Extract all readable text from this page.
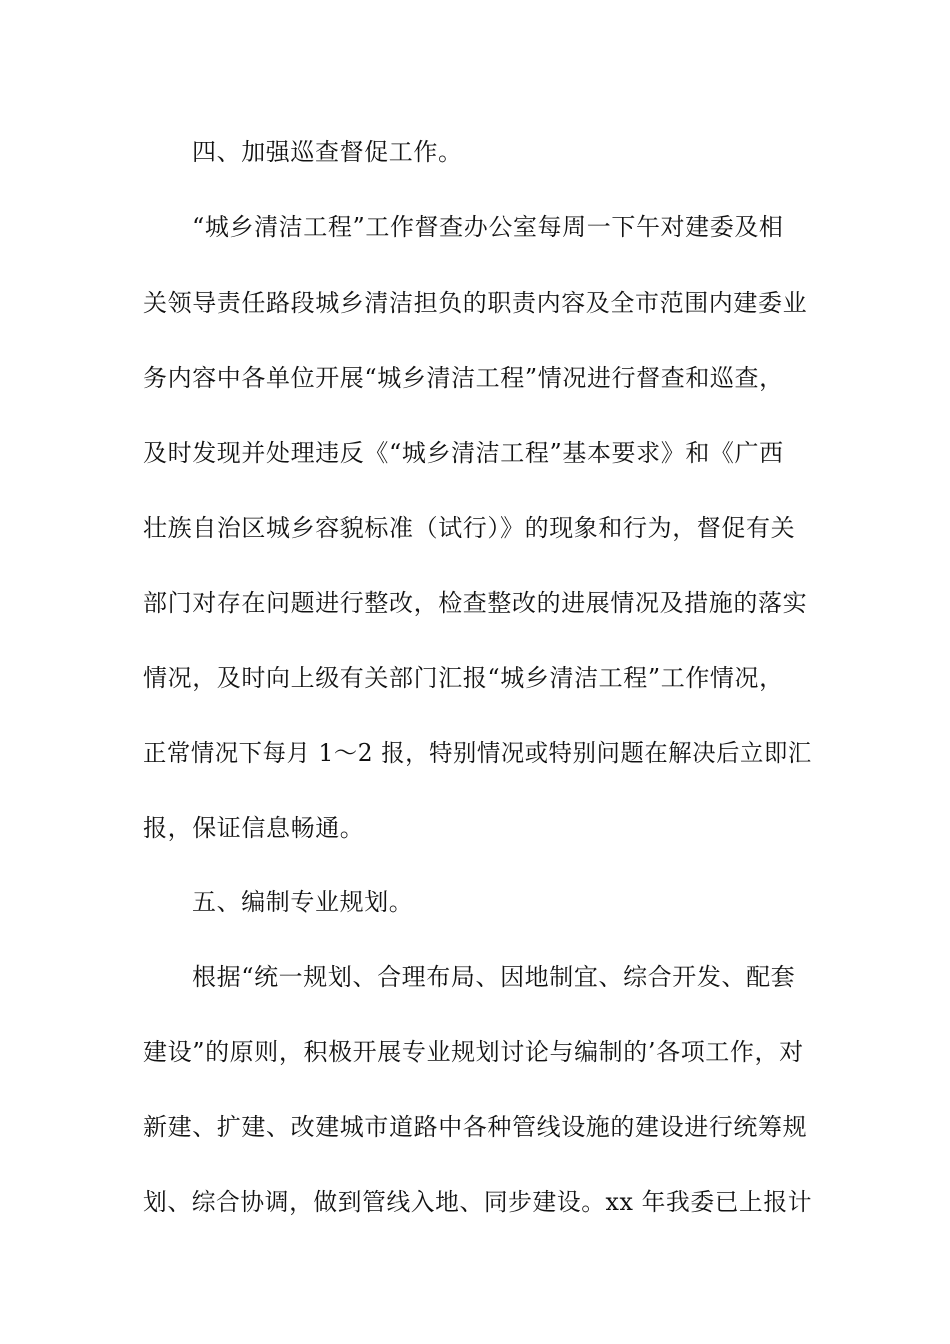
四、加强巡查督促工作。
“城乡清洁工程”工作督查办公室每周一下午对建委及相
关领导责任路段城乡清洁担负的职责内容及全市范围内建委业
务内容中各单位开展“城乡清洁工程”情况进行督查和巡查，
及时发现并处理违反《“城乡清洁工程”基本要求》和《广西
壮族自治区城乡容貌标准（试行）》的现象和行为，督促有关
部门对存在问题进行整改，检查整改的进展情况及措施的落实
情况，及时向上级有关部门汇报“城乡清洁工程”工作情况，
正常情况下每月 1～2 报，特别情况或特别问题在解决后立即汇
报，保证信息畅通。
五、编制专业规划。
根据“统一规划、合理布局、因地制宜、综合开发、配套
建设”的原则，积极开展专业规划讨论与编制的’各项工作，对
新建、扩建、改建城市道路中各种管线设施的建设进行统筹规
划、综合协调，做到管线入地、同步建设。xx 年我委已上报计
